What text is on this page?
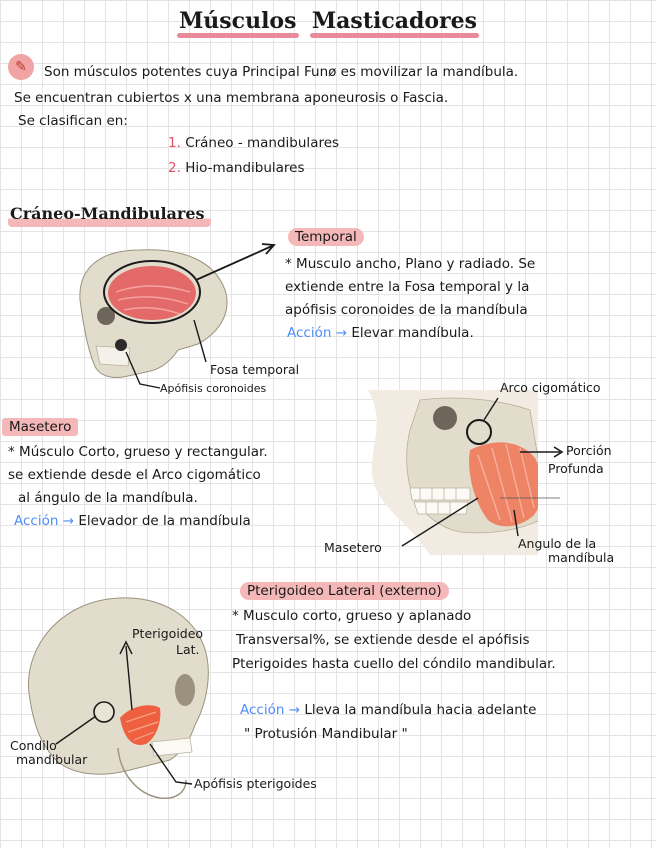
Músculos Masticadores
✎	Son músculos potentes cuya Principal Funø es movilizar la mandíbula.
Se encuentran cubiertos x una membrana aponeurosis o Fascia.
Se clasifican en:
1. Cráneo - mandibulares
2. Hio-mandibulares
Cráneo-Mandibulares
Temporal
* Musculo ancho, Plano y radiado. Se
extiende entre la Fosa temporal y la
apófisis coronoides de la mandíbula
Acción → Elevar mandíbula.
Fosa temporal
Apófisis coronoides
Masetero
* Músculo Corto, grueso y rectangular.
se extiende desde el Arco cigomático
al ángulo de la mandíbula.
Acción → Elevador de la mandíbula
Arco cigomático
Porción
Profunda
Masetero	Angulo de la
mandíbula
Pterigoideo Lateral (externo)
* Musculo corto, grueso y aplanado
Transversal%, se extiende desde el apófisis
Pterigoides hasta cuello del cóndilo mandibular.
Acción → Lleva la mandíbula hacia adelante
" Protusión Mandibular "
Pterigoideo
Lat.
Condilo
mandibular
Apófisis pterigoides
